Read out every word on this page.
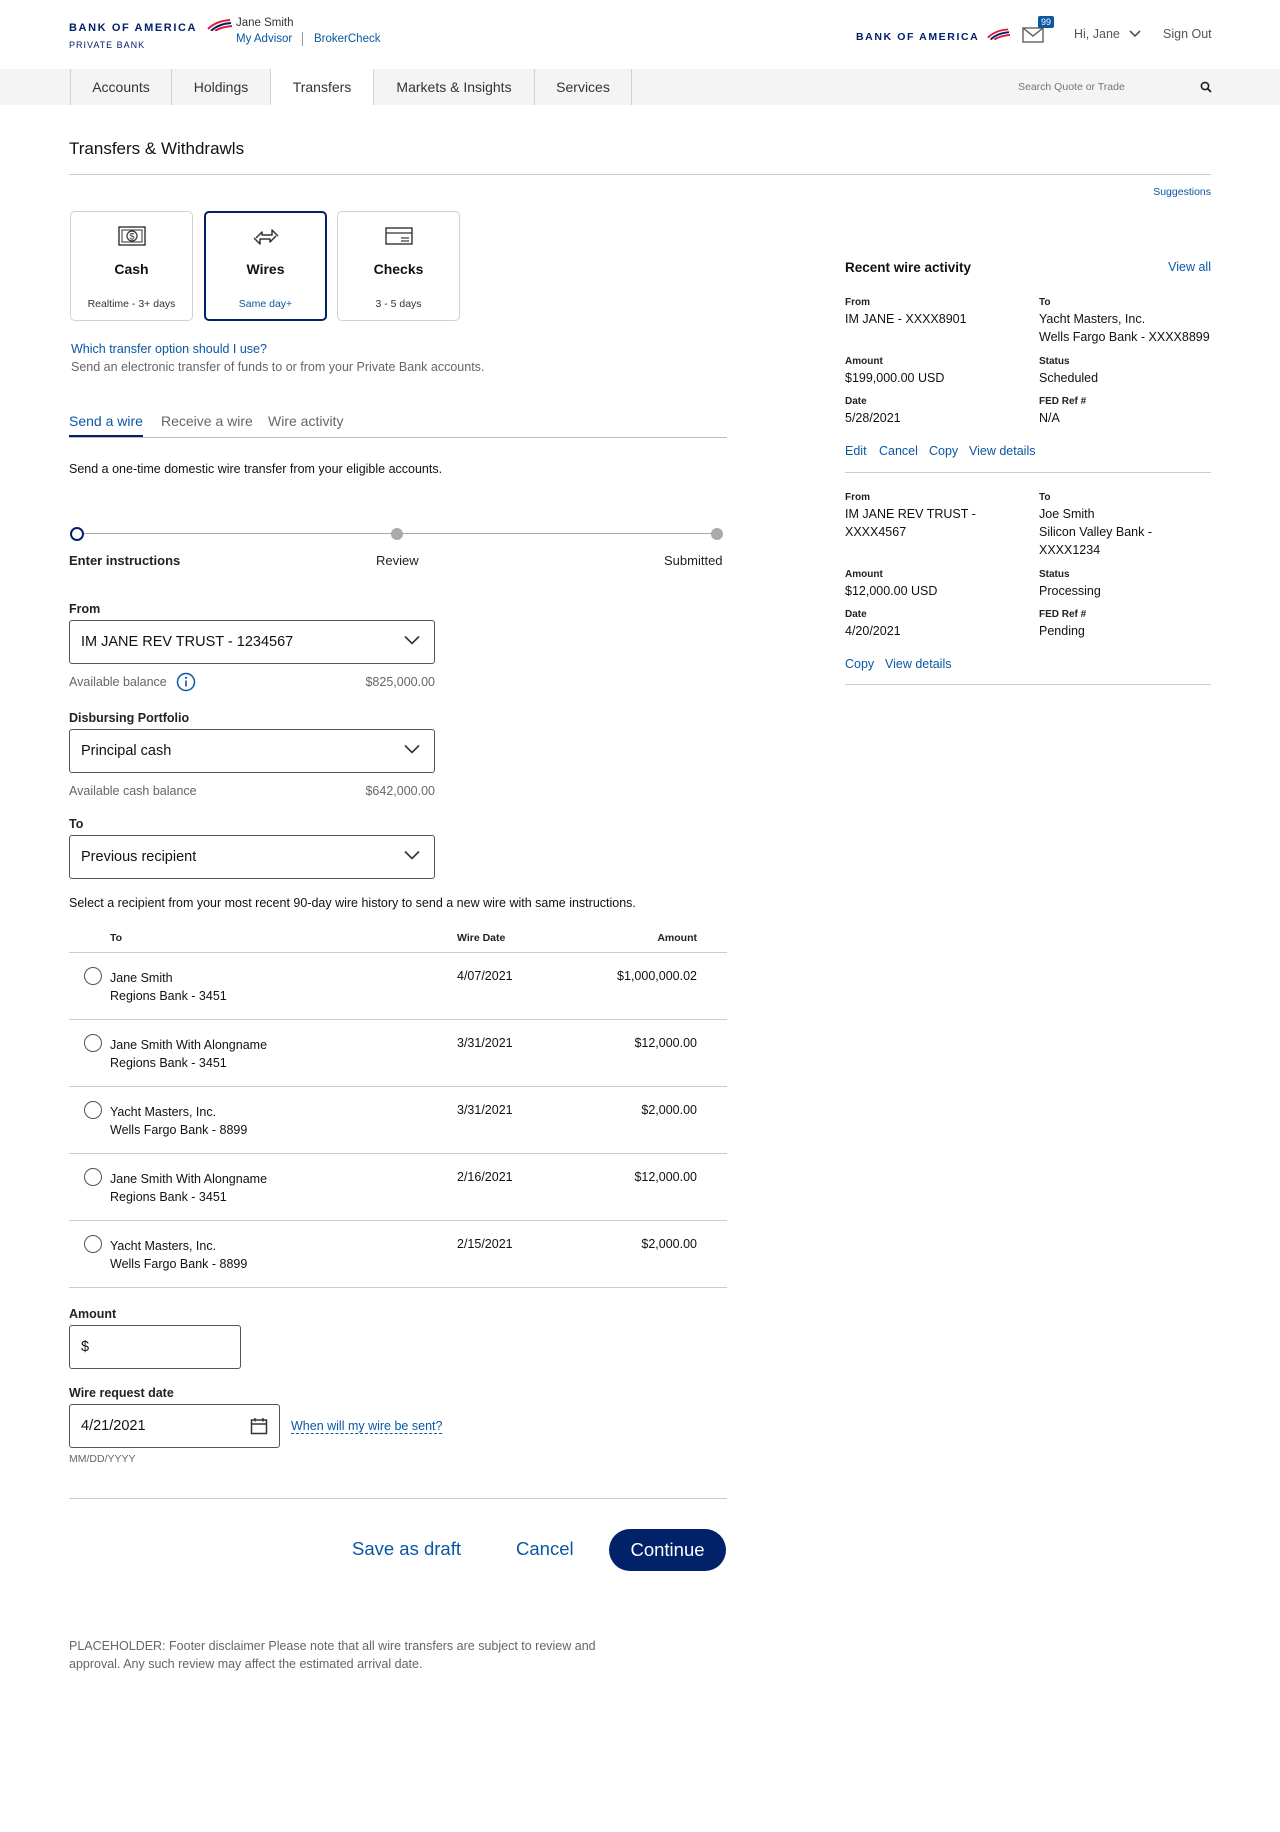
BANK OF AMERICA
PRIVATE BANK
Jane Smith
My Advisor BrokerCheck	BANK OF AMERICA
99
Hi, Jane	Sign Out
Accounts	Holdings	Transfers	Markets & Insights	Services
Search Quote or Trade
Transfers & Withdrawls
Suggestions
$
Cash
Realtime - 3+ days
Wires
Same day+
Checks
3 - 5 days
Which transfer option should I use?
Send an electronic transfer of funds to or from your Private Bank accounts.
Send a wire Receive a wire Wire activity
Send a one-time domestic wire transfer from your eligible accounts.
Enter instructions	Review	Submitted
From
IM JANE REV TRUST - 1234567
Available balance	$825,000.00
Disbursing Portfolio
Principal cash
Available cash balance	$642,000.00
To
Previous recipient
Select a recipient from your most recent 90-day wire history to send a new wire with same instructions.
To	Wire Date	Amount
Jane Smith
Regions Bank - 3451
4/07/2021	$1,000,000.02
Jane Smith With Alongname
Regions Bank - 3451
3/31/2021	$12,000.00
Yacht Masters, Inc.
Wells Fargo Bank - 8899
3/31/2021	$2,000.00
Jane Smith With Alongname
Regions Bank - 3451
2/16/2021	$12,000.00
Yacht Masters, Inc.
Wells Fargo Bank - 8899
2/15/2021	$2,000.00
Amount
$
Wire request date
4/21/2021	When will my wire be sent?
MM/DD/YYYY
Save as draft	Cancel	Continue
PLACEHOLDER: Footer disclaimer Please note that all wire transfers are subject to review and
approval. Any such review may affect the estimated arrival date.
Recent wire activity	View all
From
IM JANE - XXXX8901
To
Yacht Masters, Inc.
Wells Fargo Bank - XXXX8899
Amount
$199,000.00 USD
Status
Scheduled
Date
5/28/2021
FED Ref #
N/A
Edit Cancel Copy View details
From
IM JANE REV TRUST -
XXXX4567
To
Joe Smith
Silicon Valley Bank -
XXXX1234
Amount
$12,000.00 USD
Status
Processing
Date
4/20/2021
FED Ref #
Pending
Copy View details
